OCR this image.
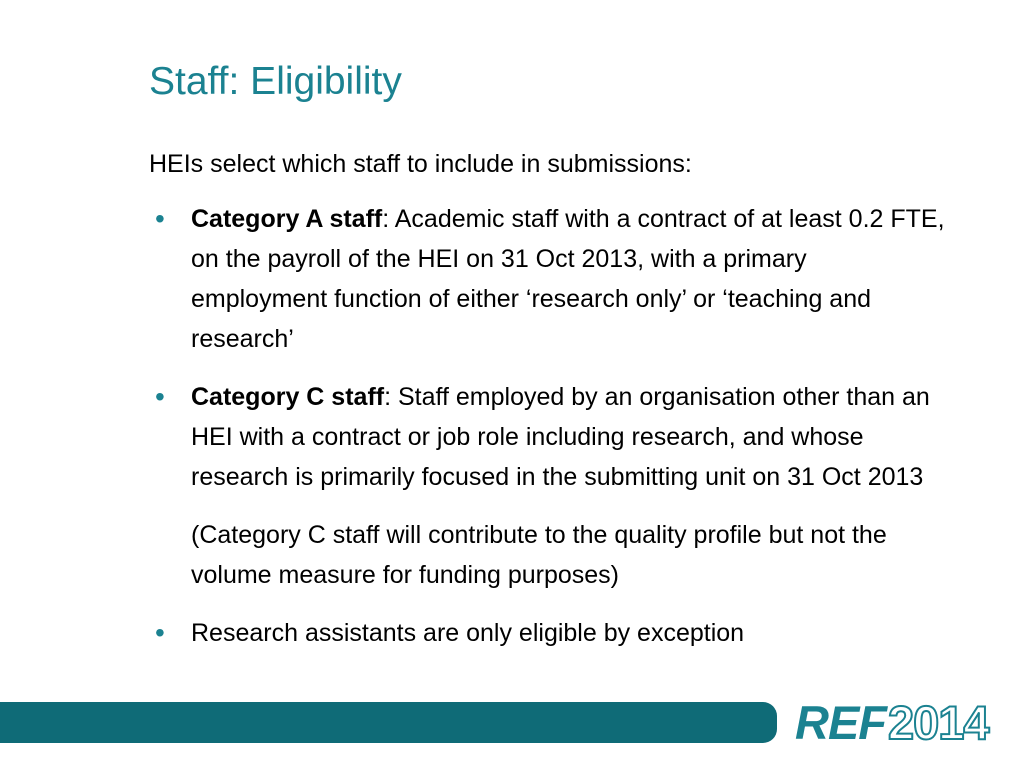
Staff: Eligibility

HEIs select which staff to include in submissions:

•
Category A staff: Academic staff with a contract of at least 0.2 FTE, on the payroll of the HEI on 31 Oct 2013, with a primary employment function of either ‘research only’ or ‘teaching and research’
•
Category C staff: Staff employed by an organisation other than an HEI with a contract or job role including research, and whose research is primarily focused in the submitting unit on 31 Oct 2013

(Category C staff will contribute to the quality profile but not the volume measure for funding purposes)

•
Research assistants are only eligible by exception
REF2014
